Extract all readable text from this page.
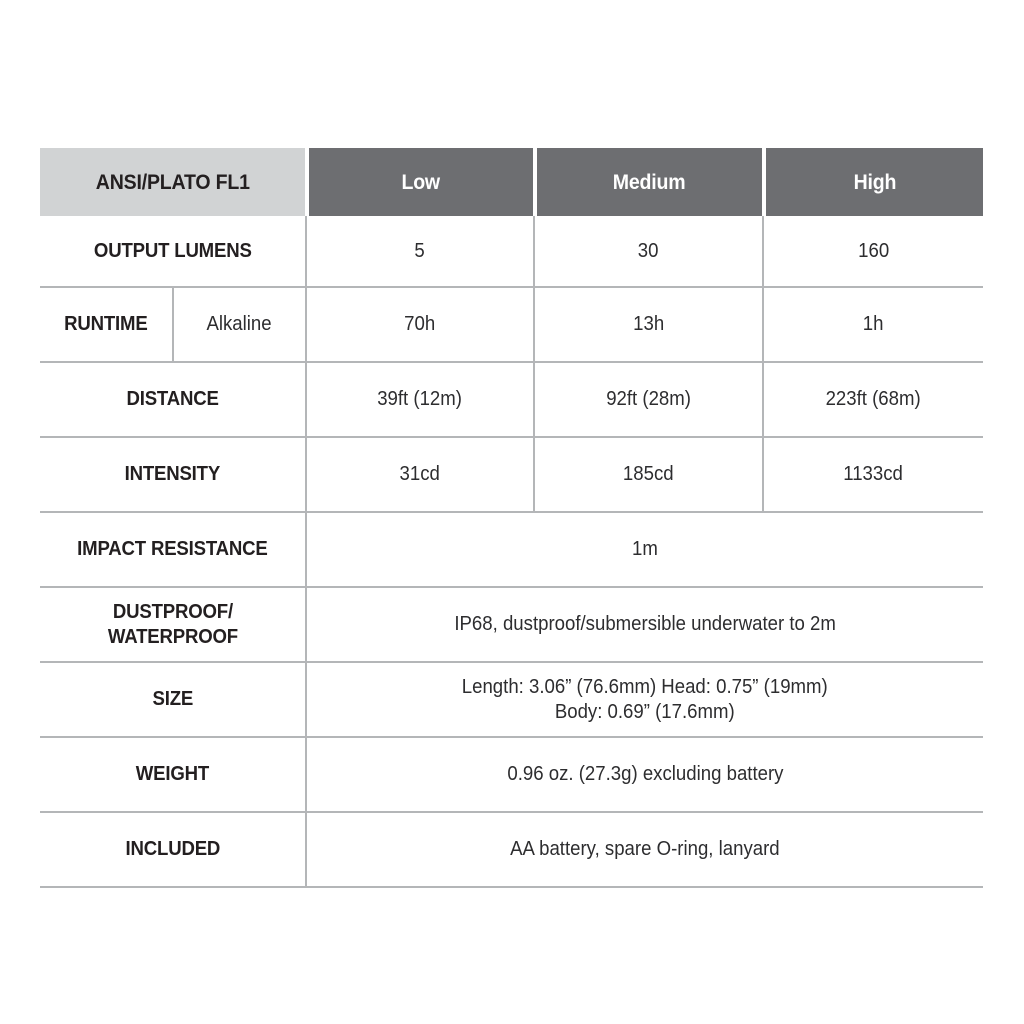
ANSI/PLATO FL1		Low	Medium	High
OUTPUT LUMENS		5	30	160
RUNTIME	Alkaline	70h	13h	1h
DISTANCE		39ft (12m)	92ft (28m)	223ft (68m)
INTENSITY		31cd	185cd	1133cd
IMPACT RESISTANCE		1m		
DUSTPROOF/
WATERPROOF		IP68, dustproof/submersible underwater to 2m		
SIZE		Length: 3.06” (76.6mm) Head: 0.75” (19mm)
Body: 0.69” (17.6mm)		
WEIGHT		0.96 oz. (27.3g) excluding battery		
INCLUDED		AA battery, spare O-ring, lanyard		
